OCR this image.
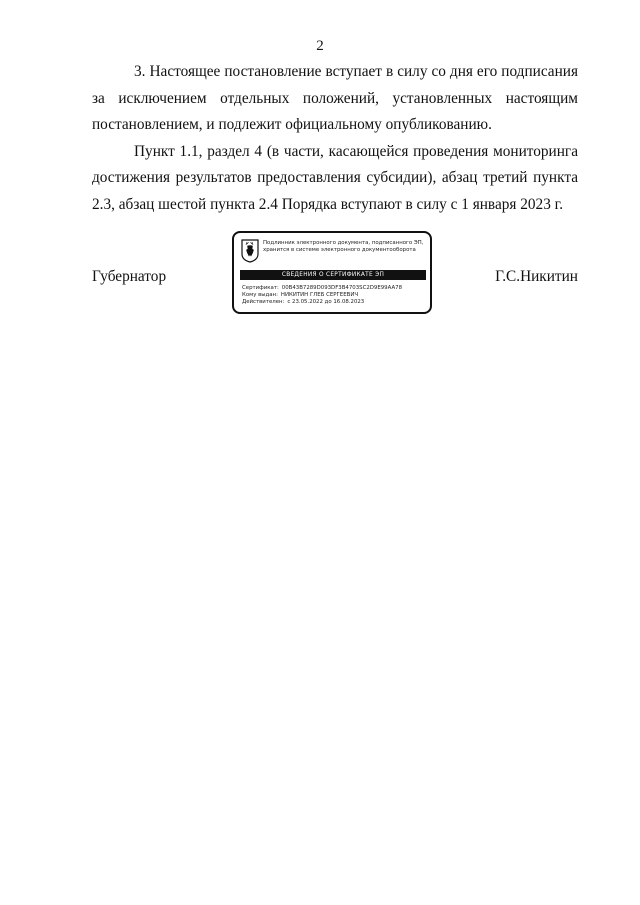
2

3. Настоящее постановление вступает в силу со дня его подписания за исключением отдельных положений, установленных настоящим постановлением, и подлежит официальному опубликованию.

Пункт 1.1, раздел 4 (в части, касающейся проведения мониторинга достижения результатов предоставления субсидии), абзац третий пункта 2.3, абзац шестой пункта 2.4 Порядка вступают в силу с 1 января 2023 г.

Губернатор	Г.С.Никитин
Подлинник электронного документа, подписанного ЭП,
хранится в системе электронного документооборота
СВЕДЕНИЯ О СЕРТИФИКАТЕ ЭП
Сертификат: 00B43B7289D093DF3B4703SC2D9E99AA78
Кому выдан: НИКИТИН ГЛЕБ СЕРГЕЕВИЧ
Действителен: с 23.05.2022 до 16.08.2023
